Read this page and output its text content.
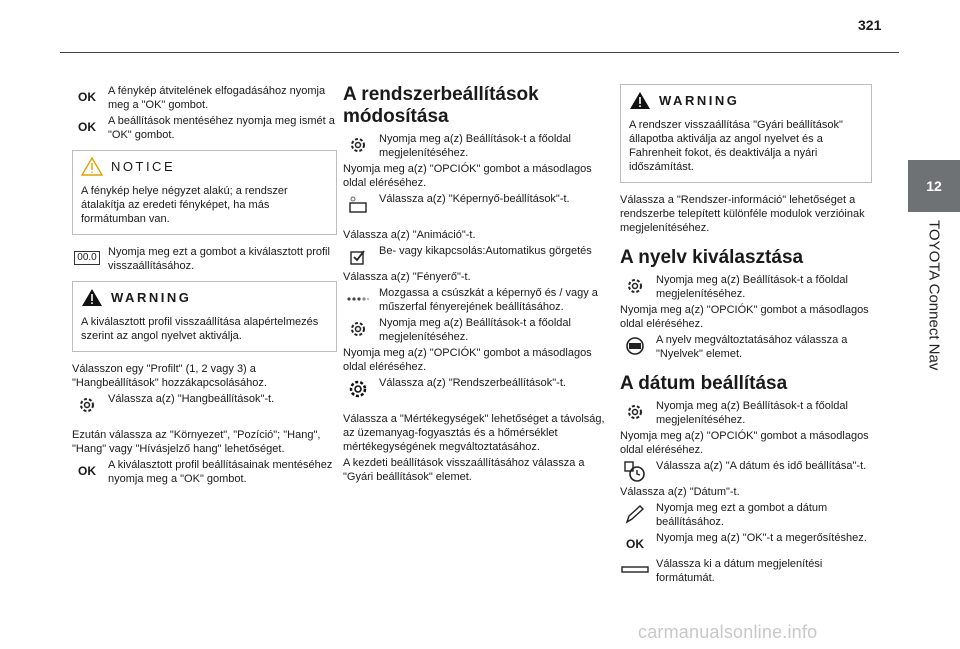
321
12
TOYOTA Connect Nav
OK	A fénykép átvitelének elfogadásához nyomja meg a "OK" gombot.

OK	A beállítások mentéséhez nyomja meg ismét a "OK" gombot.

NOTICE
A fénykép helye négyzet alakú; a rendszer átalakítja az eredeti fényképet, ha más formátumban van.
00.0 Nyomja meg ezt a gombot a kiválasztott profil visszaállításához.

WARNING
A kiválasztott profil visszaállítása alapértelmezés szerint az angol nyelvet aktiválja.

Válasszon egy "Profilt" (1, 2 vagy 3) a "Hangbeállítások" hozzákapcsolásához.

Válassza a(z) "Hangbeállítások"-t.

Ezután válassza az "Környezet", "Pozíció"; "Hang", "Hang" vagy "Hívásjelző hang" lehetőséget.

OK	A kiválasztott profil beállításainak mentéséhez nyomja meg a "OK" gombot.

A rendszerbeállítások módosítása

Nyomja meg a(z) Beállítások-t a főoldal megjelenítéséhez.

Nyomja meg a(z) "OPCIÓK" gombot a másodlagos oldal eléréséhez.

Válassza a(z) "Képernyő-beállítások"-t.

Válassza a(z) "Animáció"-t.

Be- vagy kikapcsolás:Automatikus görgetés

Válassza a(z) "Fényerő"-t.

Mozgassa a csúszkát a képernyő és / vagy a műszerfal fényerejének beállításához.

Nyomja meg a(z) Beállítások-t a főoldal megjelenítéséhez.

Nyomja meg a(z) "OPCIÓK" gombot a másodlagos oldal eléréséhez.

Válassza a(z) "Rendszerbeállítások"-t.

Válassza a "Mértékegységek" lehetőséget a távolság, az üzemanyag-fogyasztás és a hőmérséklet mértékegységének megváltoztatásához.

A kezdeti beállítások visszaállításához válassza a "Gyári beállítások" elemet.

WARNING
A rendszer visszaállítása "Gyári beállítások" állapotba aktiválja az angol nyelvet és a Fahrenheit fokot, és deaktiválja a nyári időszámítást.

Válassza a "Rendszer-információ" lehetőséget a rendszerbe telepített különféle modulok verzióinak megjelenítéséhez.

A nyelv kiválasztása

Nyomja meg a(z) Beállítások-t a főoldal megjelenítéséhez.

Nyomja meg a(z) "OPCIÓK" gombot a másodlagos oldal eléréséhez.

A nyelv megváltoztatásához válassza a "Nyelvek" elemet.

A dátum beállítása

Nyomja meg a(z) Beállítások-t a főoldal megjelenítéséhez.

Nyomja meg a(z) "OPCIÓK" gombot a másodlagos oldal eléréséhez.

Válassza a(z) "A dátum és idő beállítása"-t.

Válassza a(z) "Dátum"-t.

Nyomja meg ezt a gombot a dátum beállításához.

OK	Nyomja meg a(z) "OK"-t a megerősítéshez.

Válassza ki a dátum megjelenítési formátumát.

carmanualsonline.info
